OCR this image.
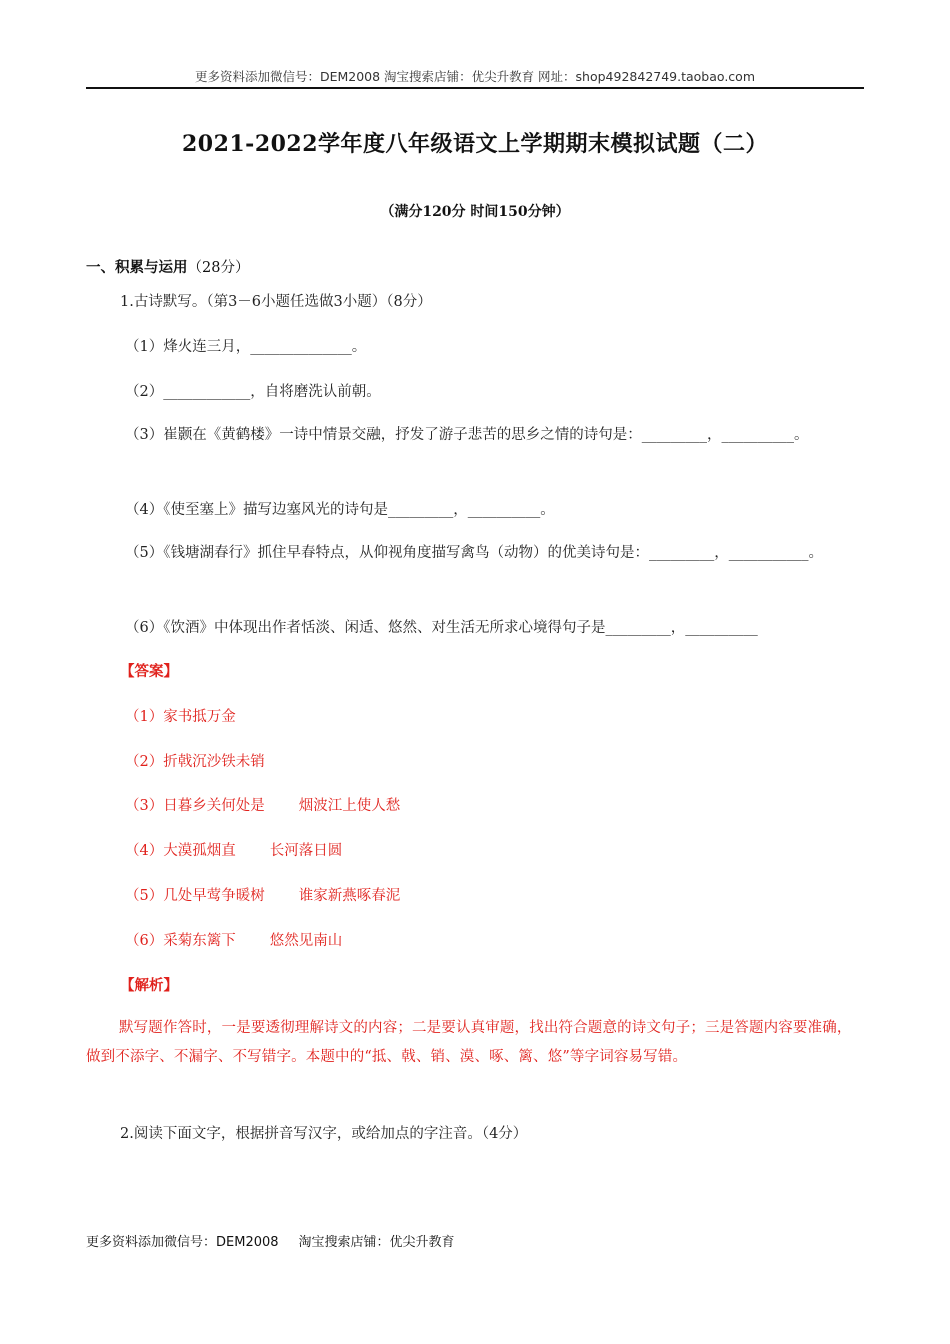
更多资料添加微信号：DEM2008 淘宝搜索店铺：优尖升教育 网址：shop492842749.taobao.com
2021-2022学年度八年级语文上学期期末模拟试题（二）
（满分120分 时间150分钟）
一、积累与运用（28分）
1.古诗默写。（第3－6小题任选做3小题）（8分）
（1）烽火连三月，______________。
（2）____________，自将磨洗认前朝。
（3）崔颢在《黄鹤楼》一诗中情景交融，抒发了游子悲苦的思乡之情的诗句是：_________，__________。
（4）《使至塞上》描写边塞风光的诗句是_________，__________。
（5）《钱塘湖春行》抓住早春特点，从仰视角度描写禽鸟（动物）的优美诗句是：_________，___________。
（6）《饮酒》中体现出作者恬淡、闲适、悠然、对生活无所求心境得句子是_________，__________
【答案】
（1）家书抵万金
（2）折戟沉沙铁未销
（3）日暮乡关何处是 烟波江上使人愁
（4）大漠孤烟直 长河落日圆
（5）几处早莺争暖树 谁家新燕啄春泥
（6）采菊东篱下 悠然见南山
【解析】
默写题作答时，一是要透彻理解诗文的内容；二是要认真审题，找出符合题意的诗文句子；三是答题内容要准确，做到不添字、不漏字、不写错字。本题中的“抵、戟、销、漠、啄、篱、悠”等字词容易写错。
2.阅读下面文字，根据拼音写汉字，或给加点的字注音。（4分）
更多资料添加微信号：DEM2008 淘宝搜索店铺：优尖升教育
